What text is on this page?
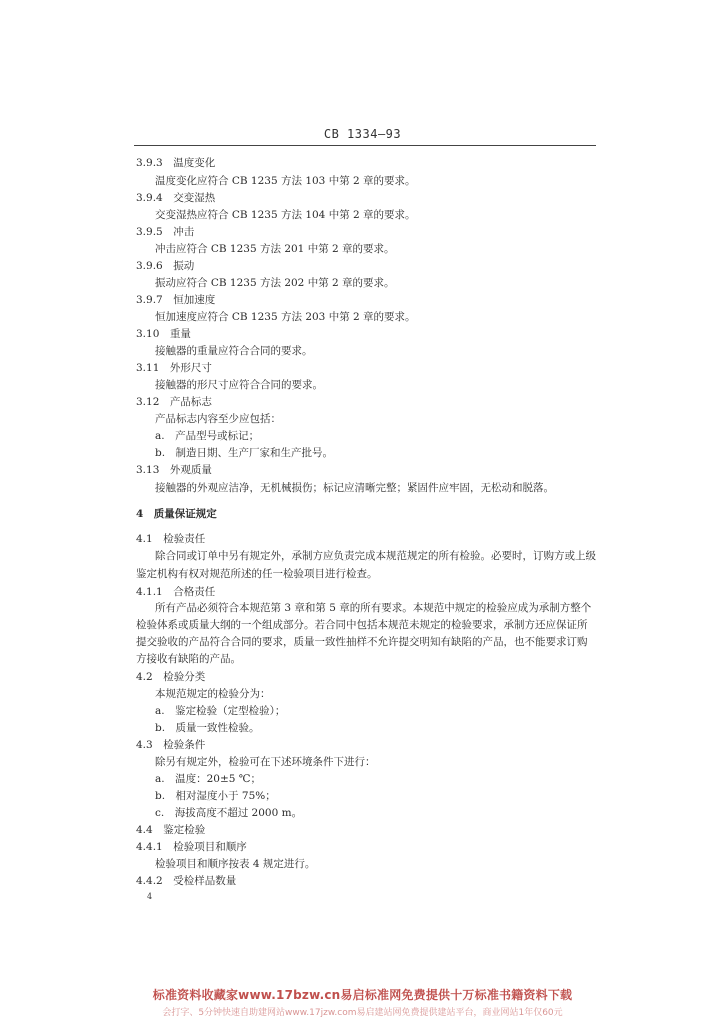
CB 1334—93
3.9.3　温度变化
温度变化应符合 CB 1235 方法 103 中第 2 章的要求。
3.9.4　交变湿热
交变湿热应符合 CB 1235 方法 104 中第 2 章的要求。
3.9.5　冲击
冲击应符合 CB 1235 方法 201 中第 2 章的要求。
3.9.6　振动
振动应符合 CB 1235 方法 202 中第 2 章的要求。
3.9.7　恒加速度
恒加速度应符合 CB 1235 方法 203 中第 2 章的要求。
3.10　重量
接触器的重量应符合合同的要求。
3.11　外形尺寸
接触器的形尺寸应符合合同的要求。
3.12　产品标志
产品标志内容至少应包括：
a.　产品型号或标记；
b.　制造日期、生产厂家和生产批号。
3.13　外观质量
接触器的外观应洁净，无机械损伤；标记应清晰完整；紧固件应牢固，无松动和脱落。
4　质量保证规定
4.1　检验责任
除合同或订单中另有规定外，承制方应负责完成本规范规定的所有检验。必要时，订购方或上级鉴定机构有权对规范所述的任一检验项目进行检查。
4.1.1　合格责任
所有产品必须符合本规范第 3 章和第 5 章的所有要求。本规范中规定的检验应成为承制方整个检验体系或质量大纲的一个组成部分。若合同中包括本规范未规定的检验要求，承制方还应保证所提交验收的产品符合合同的要求，质量一致性抽样不允许提交明知有缺陷的产品，也不能要求订购方接收有缺陷的产品。
4.2　检验分类
本规范规定的检验分为：
a.　鉴定检验（定型检验）；
b.　质量一致性检验。
4.3　检验条件
除另有规定外，检验可在下述环境条件下进行：
a.　温度：20±5 ℃；
b.　相对湿度小于 75%；
c.　海拔高度不超过 2000 m。
4.4　鉴定检验
4.4.1　检验项目和顺序
检验项目和顺序按表 4 规定进行。
4.4.2　受检样品数量
4
标准资料收藏家www.17bzw.cn易启标准网免费提供十万标准书籍资料下载
会打字、5分钟快速自助建网站www.17jzw.com易启建站网免费提供建站平台，商业网站1年仅60元
